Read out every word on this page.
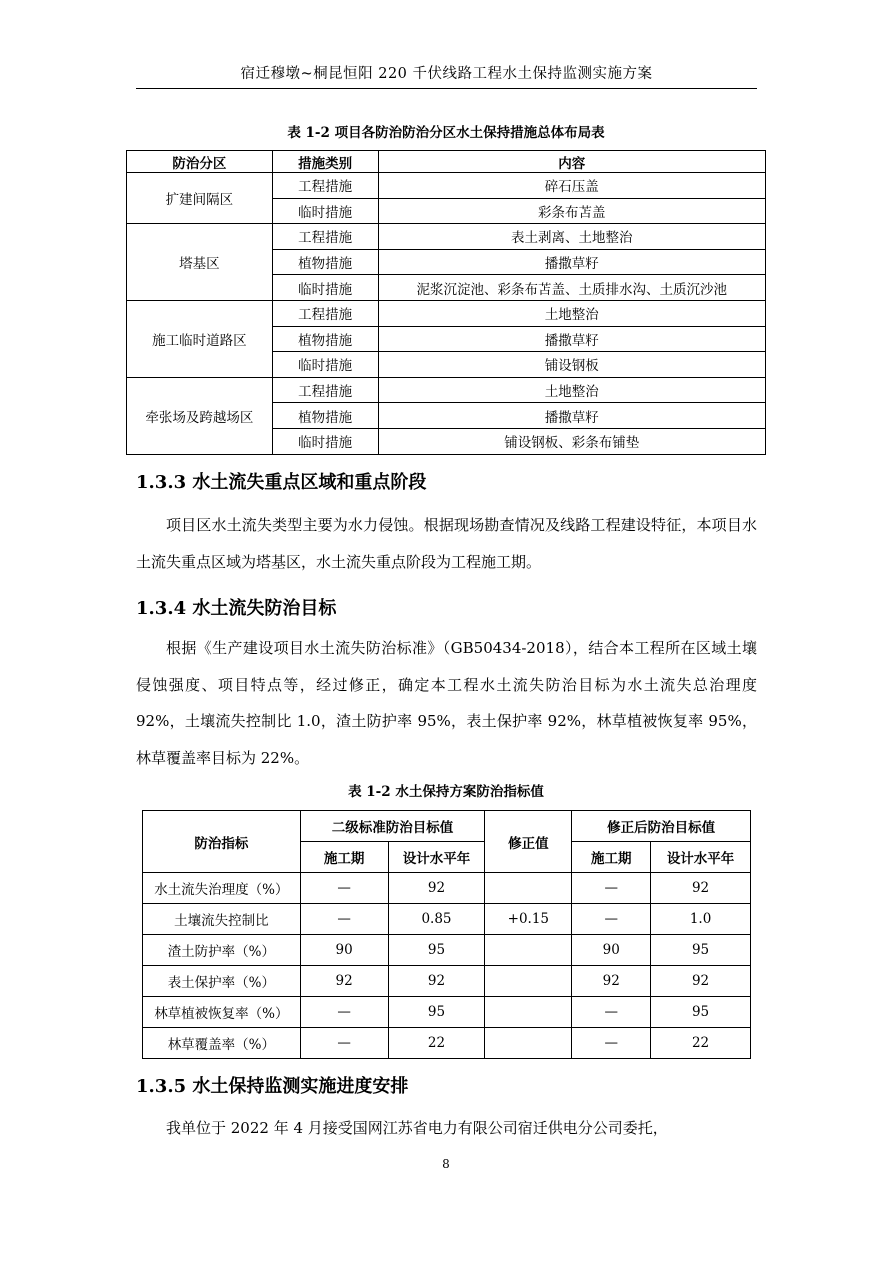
宿迁穆墩~桐昆恒阳 220 千伏线路工程水土保持监测实施方案
表 1-2 项目各防治防治分区水土保持措施总体布局表
防治分区	措施类别	内容
扩建间隔区	工程措施	碎石压盖
	临时措施	彩条布苫盖
塔基区	工程措施	表土剥离、土地整治
	植物措施	播撒草籽
	临时措施	泥浆沉淀池、彩条布苫盖、土质排水沟、土质沉沙池
施工临时道路区	工程措施	土地整治
	植物措施	播撒草籽
	临时措施	铺设钢板
牵张场及跨越场区	工程措施	土地整治
	植物措施	播撒草籽
	临时措施	铺设钢板、彩条布铺垫
1.3.3 水土流失重点区域和重点阶段
项目区水土流失类型主要为水力侵蚀。根据现场勘查情况及线路工程建设特征，本项目水土流失重点区域为塔基区，水土流失重点阶段为工程施工期。
1.3.4 水土流失防治目标
根据《生产建设项目水土流失防治标准》（GB50434-2018），结合本工程所在区域土壤侵蚀强度、项目特点等，经过修正，确定本工程水土流失防治目标为水土流失总治理度 92%，土壤流失控制比 1.0，渣土防护率 95%，表土保护率 92%，林草植被恢复率 95%，林草覆盖率目标为 22%。
表 1-2 水土保持方案防治指标值
防治指标	二级标准防治目标值		修正值	修正后防治目标值	
	施工期	设计水平年		施工期	设计水平年
水土流失治理度（%）	—	92		—	92
土壤流失控制比	—	0.85	+0.15	—	1.0
渣土防护率（%）	90	95		90	95
表土保护率（%）	92	92		92	92
林草植被恢复率（%）	—	95		—	95
林草覆盖率（%）	—	22		—	22
1.3.5 水土保持监测实施进度安排
我单位于 2022 年 4 月接受国网江苏省电力有限公司宿迁供电分公司委托，
8
